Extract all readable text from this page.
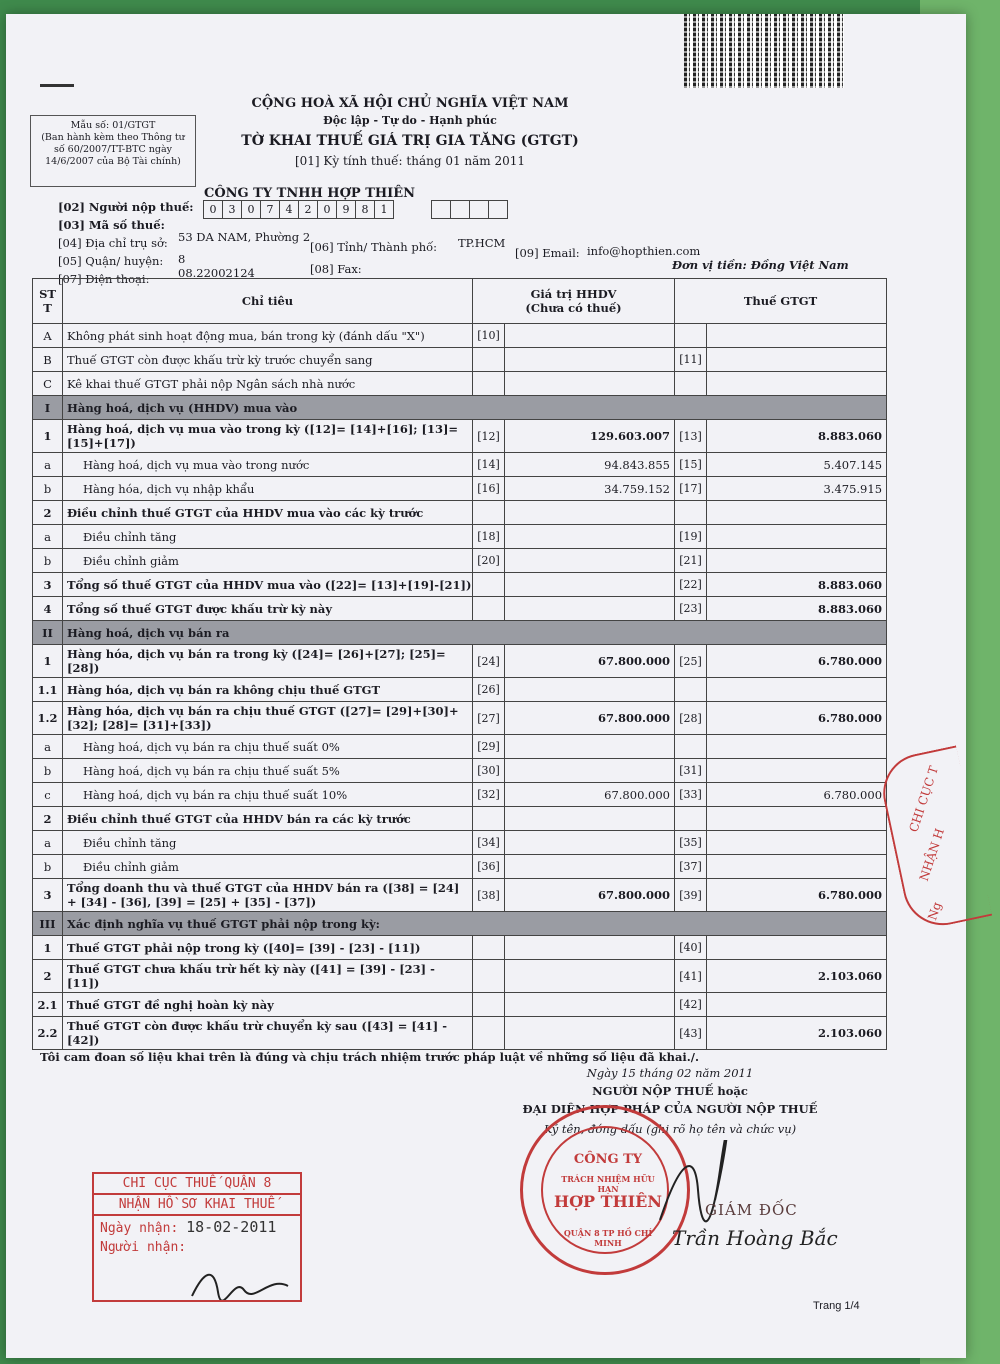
Mẫu số: 01/GTGT
(Ban hành kèm theo Thông tư
số 60/2007/TT-BTC ngày
14/6/2007 của Bộ Tài chính)
CỘNG HOÀ XÃ HỘI CHỦ NGHĨA VIỆT NAM
Độc lập - Tự do - Hạnh phúc
TỜ KHAI THUẾ GIÁ TRỊ GIA TĂNG (GTGT)
[01] Kỳ tính thuế: tháng 01 năm 2011
[02] Người nộp thuế:
CÔNG TY TNHH HỢP THIÊN
[03] Mã số thuế:
0	3	0	7	4	2	0	9	8	1
[04] Địa chỉ trụ sở: 53 DA NAM, Phường 2
[05] Quận/ huyện: 8
[06] Tỉnh/ Thành phố: TP.HCM
[07] Điện thoại: 08.22002124	[08] Fax:
[09] Email: info@hopthien.com
Đơn vị tiền: Đồng Việt Nam
ST T	Chỉ tiêu	Giá trị HHDV
(Chưa có thuế)		Thuế GTGT	
A	Không phát sinh hoạt động mua, bán trong kỳ (đánh dấu "X")	[10]			
B	Thuế GTGT còn được khấu trừ kỳ trước chuyển sang			[11]	
C	Kê khai thuế GTGT phải nộp Ngân sách nhà nước				
I	Hàng hoá, dịch vụ (HHDV) mua vào				
1	Hàng hoá, dịch vụ mua vào trong kỳ ([12]= [14]+[16]; [13]= [15]+[17])	[12]	129.603.007	[13]	8.883.060
a	Hàng hoá, dịch vụ mua vào trong nước	[14]	94.843.855	[15]	5.407.145
b	Hàng hóa, dịch vụ nhập khẩu	[16]	34.759.152	[17]	3.475.915
2	Điều chỉnh thuế GTGT của HHDV mua vào các kỳ trước				
a	Điều chỉnh tăng	[18]		[19]	
b	Điều chỉnh giảm	[20]		[21]	
3	Tổng số thuế GTGT của HHDV mua vào ([22]= [13]+[19]-[21])			[22]	8.883.060
4	Tổng số thuế GTGT được khấu trừ kỳ này			[23]	8.883.060
II	Hàng hoá, dịch vụ bán ra				
1	Hàng hóa, dịch vụ bán ra trong kỳ ([24]= [26]+[27]; [25]= [28])	[24]	67.800.000	[25]	6.780.000
1.1	Hàng hóa, dịch vụ bán ra không chịu thuế GTGT	[26]			
1.2	Hàng hóa, dịch vụ bán ra chịu thuế GTGT ([27]= [29]+[30]+[32]; [28]= [31]+[33])	[27]	67.800.000	[28]	6.780.000
a	Hàng hoá, dịch vụ bán ra chịu thuế suất 0%	[29]			
b	Hàng hoá, dịch vụ bán ra chịu thuế suất 5%	[30]		[31]	
c	Hàng hoá, dịch vụ bán ra chịu thuế suất 10%	[32]	67.800.000	[33]	6.780.000
2	Điều chỉnh thuế GTGT của HHDV bán ra các kỳ trước				
a	Điều chỉnh tăng	[34]		[35]	
b	Điều chỉnh giảm	[36]		[37]	
3	Tổng doanh thu và thuế GTGT của HHDV bán ra ([38] = [24] + [34] - [36], [39] = [25] + [35] - [37])	[38]	67.800.000	[39]	6.780.000
III	Xác định nghĩa vụ thuế GTGT phải nộp trong kỳ:				
1	Thuế GTGT phải nộp trong kỳ ([40]= [39] - [23] - [11])			[40]	
2	Thuế GTGT chưa khấu trừ hết kỳ này ([41] = [39] - [23] - [11])			[41]	2.103.060
2.1	Thuế GTGT đề nghị hoàn kỳ này			[42]	
2.2	Thuế GTGT còn được khấu trừ chuyển kỳ sau ([43] = [41] - [42])			[43]	2.103.060
Tôi cam đoan số liệu khai trên là đúng và chịu trách nhiệm trước pháp luật về những số liệu đã khai./.
Ngày 15 tháng 02 năm 2011
NGƯỜI NỘP THUẾ hoặc
ĐẠI DIỆN HỢP PHÁP CỦA NGƯỜI NỘP THUẾ
Ký tên, đóng dấu (ghi rõ họ tên và chức vụ)
CHI CỤC THUẾ QUẬN 8
NHẬN HỒ SƠ KHAI THUẾ
Ngày nhận: 18-02-2011
Người nhận:
CÔNG TY
TRÁCH NHIỆM HỮU HẠN
HỢP THIÊN
QUẬN 8 TP HỒ CHÍ MINH
CHI CỤC T
NHẬN H
Ng
GIÁM ĐỐC
Trần Hoàng Bắc
Trang 1/4
